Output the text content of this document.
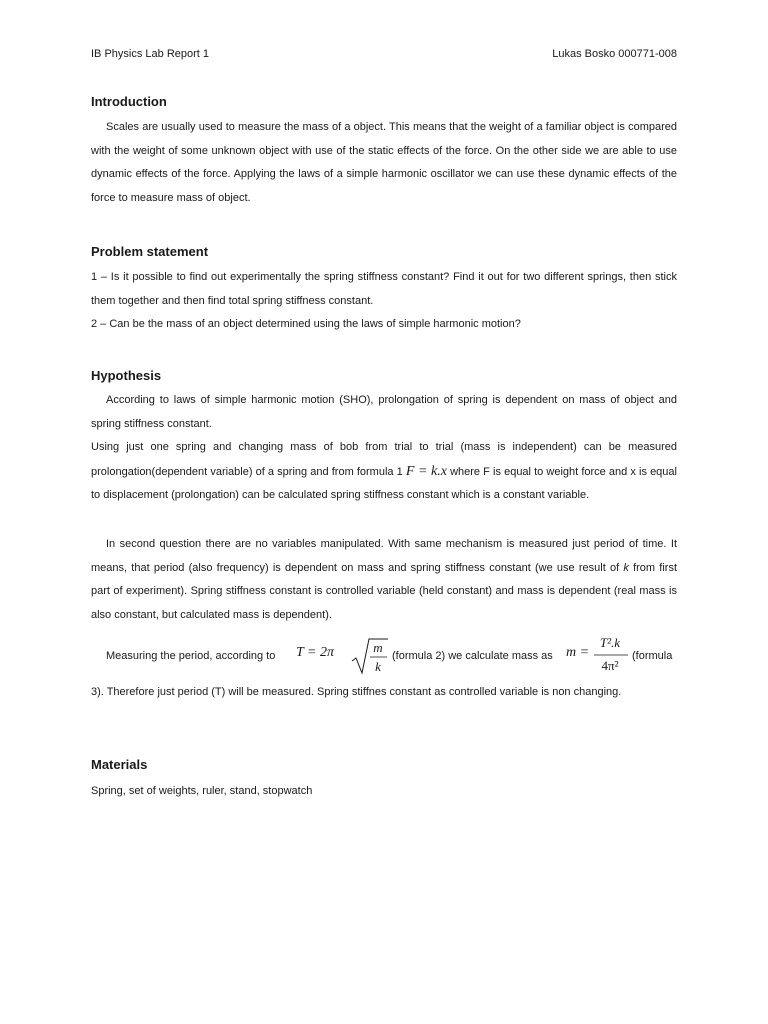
IB Physics Lab Report 1	Lukas Bosko 000771-008
Introduction
Scales are usually used to measure the mass of a object. This means that the weight of a familiar object is compared with the weight of some unknown object with use of the static effects of the force. On the other side we are able to use dynamic effects of the force. Applying the laws of a simple harmonic oscillator we can use these dynamic effects of the force to measure mass of object.
Problem statement
1 – Is it possible to find out experimentally the spring stiffness constant? Find it out for two different springs, then stick them together and then find total spring stiffness constant.
2 – Can be the mass of an object determined using the laws of simple harmonic motion?
Hypothesis
According to laws of simple harmonic motion (SHO), prolongation of spring is dependent on mass of object and spring stiffness constant.
Using just one spring and changing mass of bob from trial to trial (mass is independent) can be measured prolongation(dependent variable) of a spring and from formula 1 F = k.x where F is equal to weight force and x is equal to displacement (prolongation) can be calculated spring stiffness constant which is a constant variable.
In second question there are no variables manipulated. With same mechanism is measured just period of time. It means, that period (also frequency) is dependent on mass and spring stiffness constant (we use result of k from first part of experiment). Spring stiffness constant is controlled variable (held constant) and mass is dependent (real mass is also constant, but calculated mass is dependent).
Measuring the period, according to T = 2π	m
k
(formula 2) we calculate mass as m =
T².k
4π²
(formula
3). Therefore just period (T) will be measured. Spring stiffnes constant as controlled variable is non changing.
Materials
Spring, set of weights, ruler, stand, stopwatch
